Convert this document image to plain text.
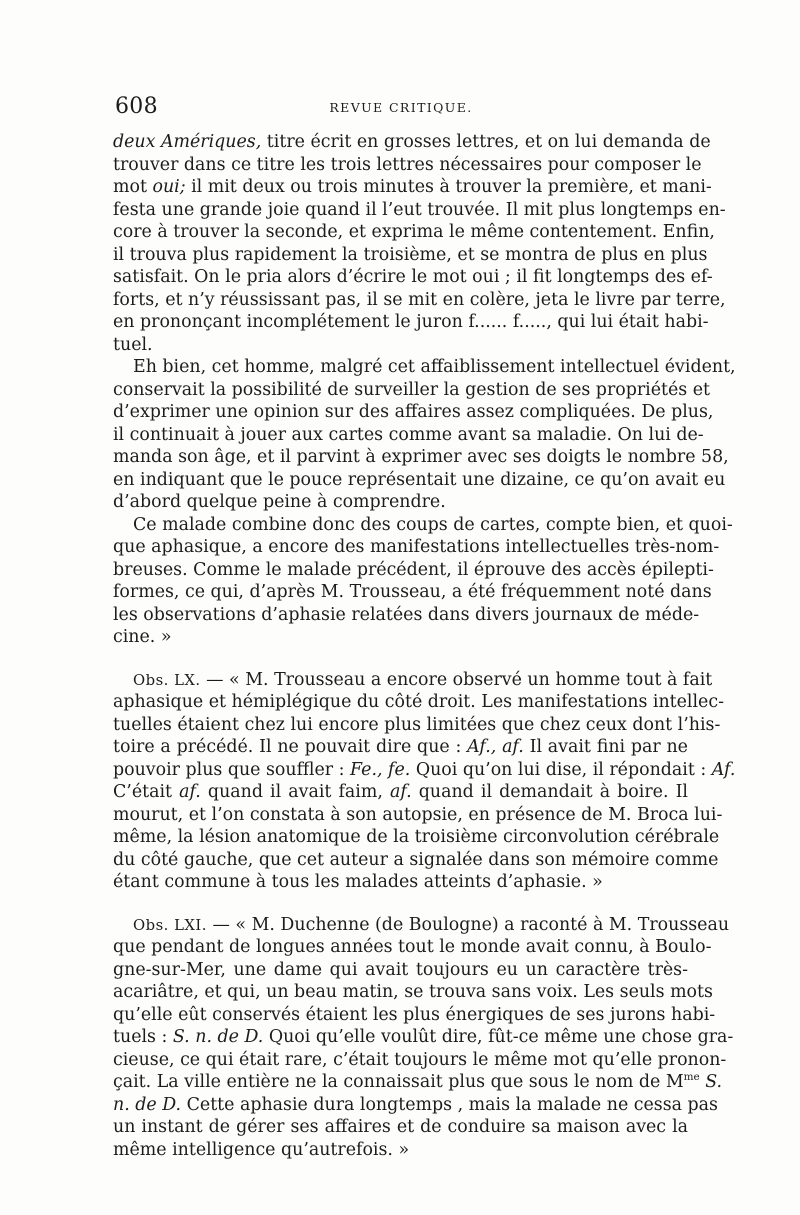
608	REVUE CRITIQUE.
deux Amériques, titre écrit en grosses lettres, et on lui demanda de
trouver dans ce titre les trois lettres nécessaires pour composer le
mot oui; il mit deux ou trois minutes à trouver la première, et mani-
festa une grande joie quand il l’eut trouvée. Il mit plus longtemps en-
core à trouver la seconde, et exprima le même contentement. Enfin,
il trouva plus rapidement la troisième, et se montra de plus en plus
satisfait. On le pria alors d’écrire le mot oui ; il fit longtemps des ef-
forts, et n’y réussissant pas, il se mit en colère, jeta le livre par terre,
en prononçant incomplétement le juron f...... f....., qui lui était habi-
tuel.
Eh bien, cet homme, malgré cet affaiblissement intellectuel évident,
conservait la possibilité de surveiller la gestion de ses propriétés et
d’exprimer une opinion sur des affaires assez compliquées. De plus,
il continuait à jouer aux cartes comme avant sa maladie. On lui de-
manda son âge, et il parvint à exprimer avec ses doigts le nombre 58,
en indiquant que le pouce représentait une dizaine, ce qu’on avait eu
d’abord quelque peine à comprendre.
Ce malade combine donc des coups de cartes, compte bien, et quoi-
que aphasique, a encore des manifestations intellectuelles très-nom-
breuses. Comme le malade précédent, il éprouve des accès épilepti-
formes, ce qui, d’après M. Trousseau, a été fréquemment noté dans
les observations d’aphasie relatées dans divers journaux de méde-
cine. »
Obs. LX. — « M. Trousseau a encore observé un homme tout à fait
aphasique et hémiplégique du côté droit. Les manifestations intellec-
tuelles étaient chez lui encore plus limitées que chez ceux dont l’his-
toire a précédé. Il ne pouvait dire que : Af., af. Il avait fini par ne
pouvoir plus que souffler : Fe., fe. Quoi qu’on lui dise, il répondait : Af.
C’était af. quand il avait faim, af. quand il demandait à boire. Il
mourut, et l’on constata à son autopsie, en présence de M. Broca lui-
même, la lésion anatomique de la troisième circonvolution cérébrale
du côté gauche, que cet auteur a signalée dans son mémoire comme
étant commune à tous les malades atteints d’aphasie. »
Obs. LXI. — « M. Duchenne (de Boulogne) a raconté à M. Trousseau
que pendant de longues années tout le monde avait connu, à Boulo-
gne-sur-Mer, une dame qui avait toujours eu un caractère très-
acariâtre, et qui, un beau matin, se trouva sans voix. Les seuls mots
qu’elle eût conservés étaient les plus énergiques de ses jurons habi-
tuels : S. n. de D. Quoi qu’elle voulût dire, fût-ce même une chose gra-
cieuse, ce qui était rare, c’était toujours le même mot qu’elle pronon-
çait. La ville entière ne la connaissait plus que sous le nom de $M^{me}$ S.
n. de D. Cette aphasie dura longtemps , mais la malade ne cessa pas
un instant de gérer ses affaires et de conduire sa maison avec la
même intelligence qu’autrefois. »
